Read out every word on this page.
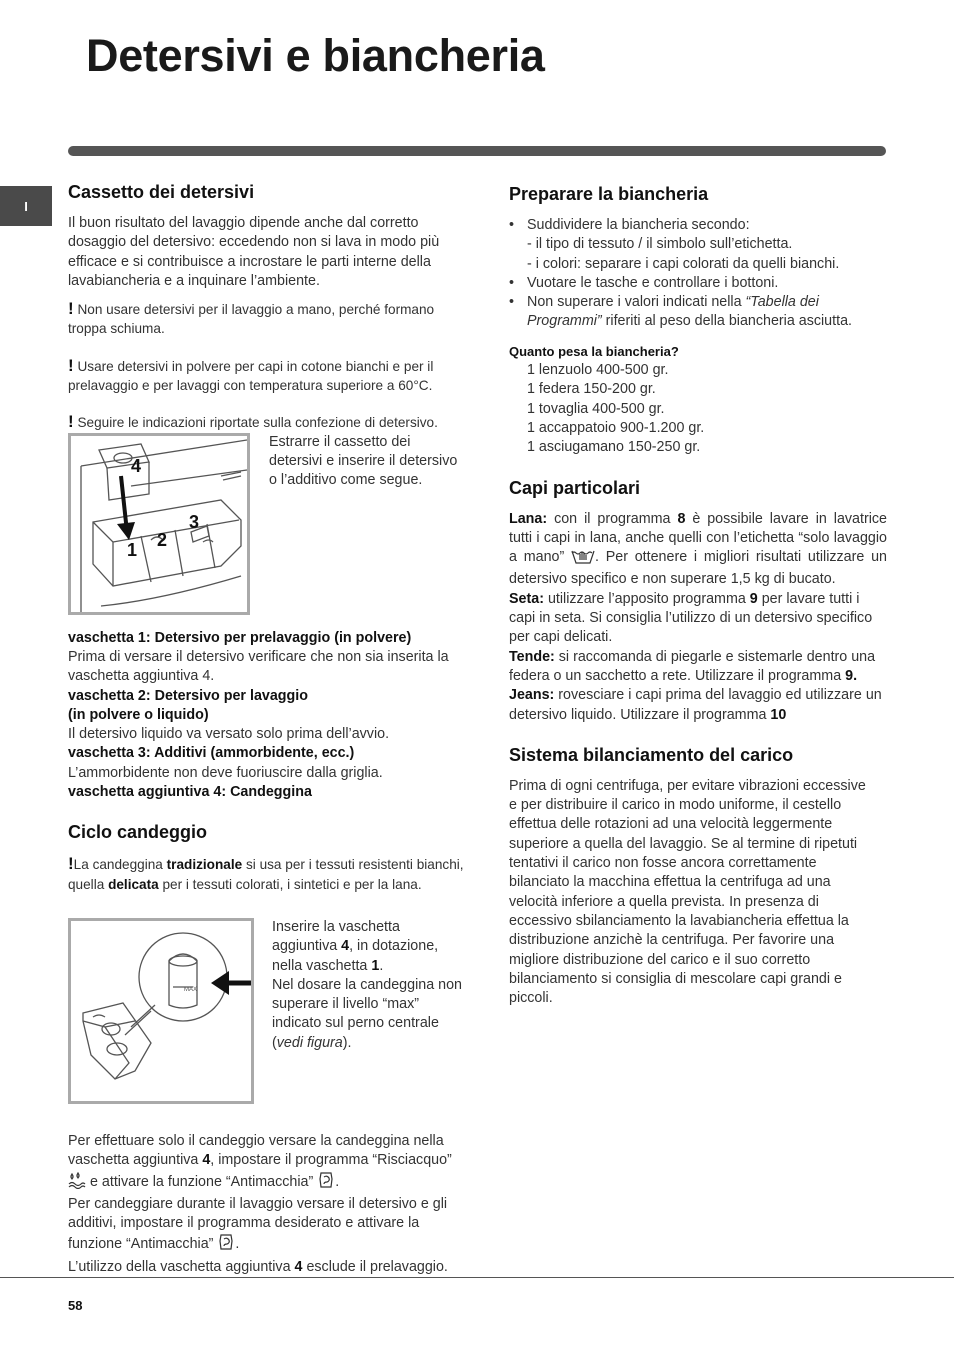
Detersivi e biancheria
I
Cassetto dei detersivi

Il buon risultato del lavaggio dipende anche dal corretto dosaggio del detersivo: eccedendo non si lava in modo più efficace e si contribuisce a incrostare le parti interne della lavabiancheria e a inquinare l’ambiente.

! Non usare detersivi per il lavaggio a mano, perché formano troppa schiuma.

! Usare detersivi in polvere per capi in cotone bianchi e per il prelavaggio e per lavaggi con temperatura superiore a 60°C.

! Seguire le indicazioni riportate sulla confezione di detersivo.

4
1 2
3

Estrarre il cassetto dei detersivi e inserire il detersivo o l’additivo come segue.

vaschetta 1: Detersivo per prelavaggio (in polvere)

Prima di versare il detersivo verificare che non sia inserita la vaschetta aggiuntiva 4.

vaschetta 2: Detersivo per lavaggio

(in polvere o liquido)

Il detersivo liquido va versato solo prima dell’avvio.

vaschetta 3: Additivi (ammorbidente, ecc.)

L’ammorbidente non deve fuoriuscire dalla griglia.

vaschetta aggiuntiva 4: Candeggina

Ciclo candeggio

!La candeggina tradizionale si usa per i tessuti resistenti bianchi, quella delicata per i tessuti colorati, i sintetici e per la lana.

MAX

Inserire la vaschetta aggiuntiva 4, in dotazione, nella vaschetta 1.

Nel dosare la candeggina non superare il livello “max” indicato sul perno centrale (vedi figura).

Per effettuare solo il candeggio versare la candeggina nella vaschetta aggiuntiva 4, impostare il programma “Risciacquo”  e attivare la funzione “Antimacchia” .

Per candeggiare durante il lavaggio versare il detersivo e gli additivi, impostare il programma desiderato e attivare la funzione “Antimacchia” .

L’utilizzo della vaschetta aggiuntiva 4 esclude il prelavaggio.

Preparare la biancheria
• Suddividere la biancheria secondo:

- il tipo di tessuto / il simbolo sull’etichetta.

- i colori: separare i capi colorati da quelli bianchi.

• Vuotare le tasche e controllare i bottoni.
• Non superare i valori indicati nella “Tabella dei Programmi” riferiti al peso della biancheria asciutta.

Quanto pesa la biancheria?

1 lenzuolo 400-500 gr.

1 federa 150-200 gr.

1 tovaglia 400-500 gr.

1 accappatoio 900-1.200 gr.

1 asciugamano 150-250 gr.

Capi particolari

Lana: con il programma 8 è possibile lavare in lavatrice tutti i capi in lana, anche quelli con l’etichetta “solo lavaggio a mano” . Per ottenere i migliori risultati utilizzare un detersivo specifico e non superare 1,5 kg di bucato.

Seta: utilizzare l’apposito programma 9 per lavare tutti i capi in seta. Si consiglia l’utilizzo di un detersivo specifico per capi delicati.

Tende: si raccomanda di piegarle e sistemarle dentro una federa o un sacchetto a rete. Utilizzare il programma 9.

Jeans: rovesciare i capi prima del lavaggio ed utilizzare un detersivo liquido. Utilizzare il programma 10

Sistema bilanciamento del carico

Prima di ogni centrifuga, per evitare vibrazioni eccessive e per distribuire il carico in modo uniforme, il cestello effettua delle rotazioni ad una velocità leggermente superiore a quella del lavaggio. Se al termine di ripetuti tentativi il carico non fosse ancora correttamente bilanciato la macchina effettua la centrifuga ad una velocità inferiore a quella prevista. In presenza di eccessivo sbilanciamento la lavabiancheria effettua la distribuzione anzichè la centrifuga. Per favorire una migliore distribuzione del carico e il suo corretto bilanciamento si consiglia di mescolare capi grandi e piccoli.

58
